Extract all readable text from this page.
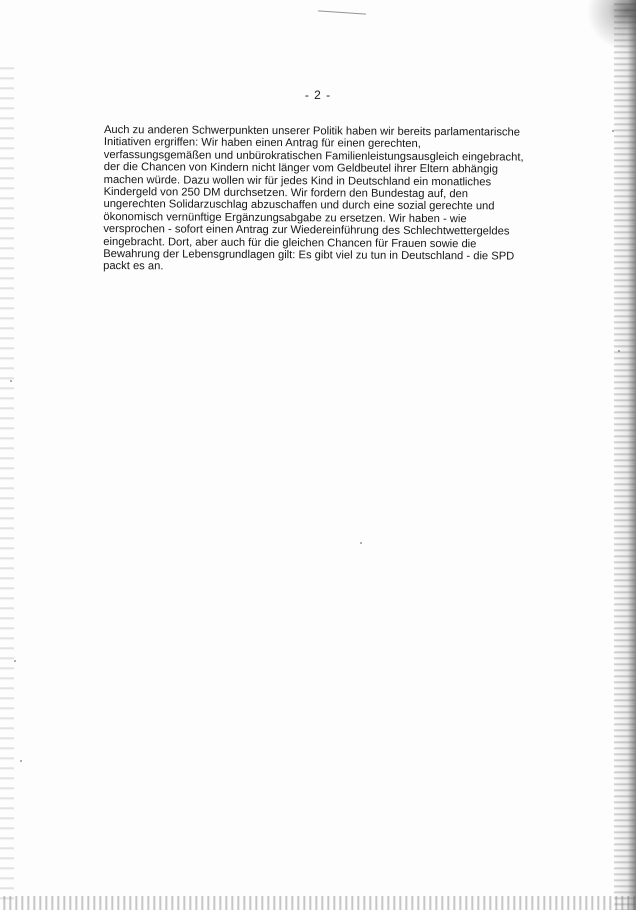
- 2 -

Auch zu anderen Schwerpunkten unserer Politik haben wir bereits parlamentarische
Initiativen ergriffen: Wir haben einen Antrag für einen gerechten,
verfassungsgemäßen und unbürokratischen Familienleistungsausgleich eingebracht,
der die Chancen von Kindern nicht länger vom Geldbeutel ihrer Eltern abhängig
machen würde. Dazu wollen wir für jedes Kind in Deutschland ein monatliches
Kindergeld von 250 DM durchsetzen. Wir fordern den Bundestag auf, den
ungerechten Solidarzuschlag abzuschaffen und durch eine sozial gerechte und
ökonomisch vernünftige Ergänzungsabgabe zu ersetzen. Wir haben - wie
versprochen - sofort einen Antrag zur Wiedereinführung des Schlechtwettergeldes
eingebracht. Dort, aber auch für die gleichen Chancen für Frauen sowie die
Bewahrung der Lebensgrundlagen gilt: Es gibt viel zu tun in Deutschland - die SPD
packt es an.
